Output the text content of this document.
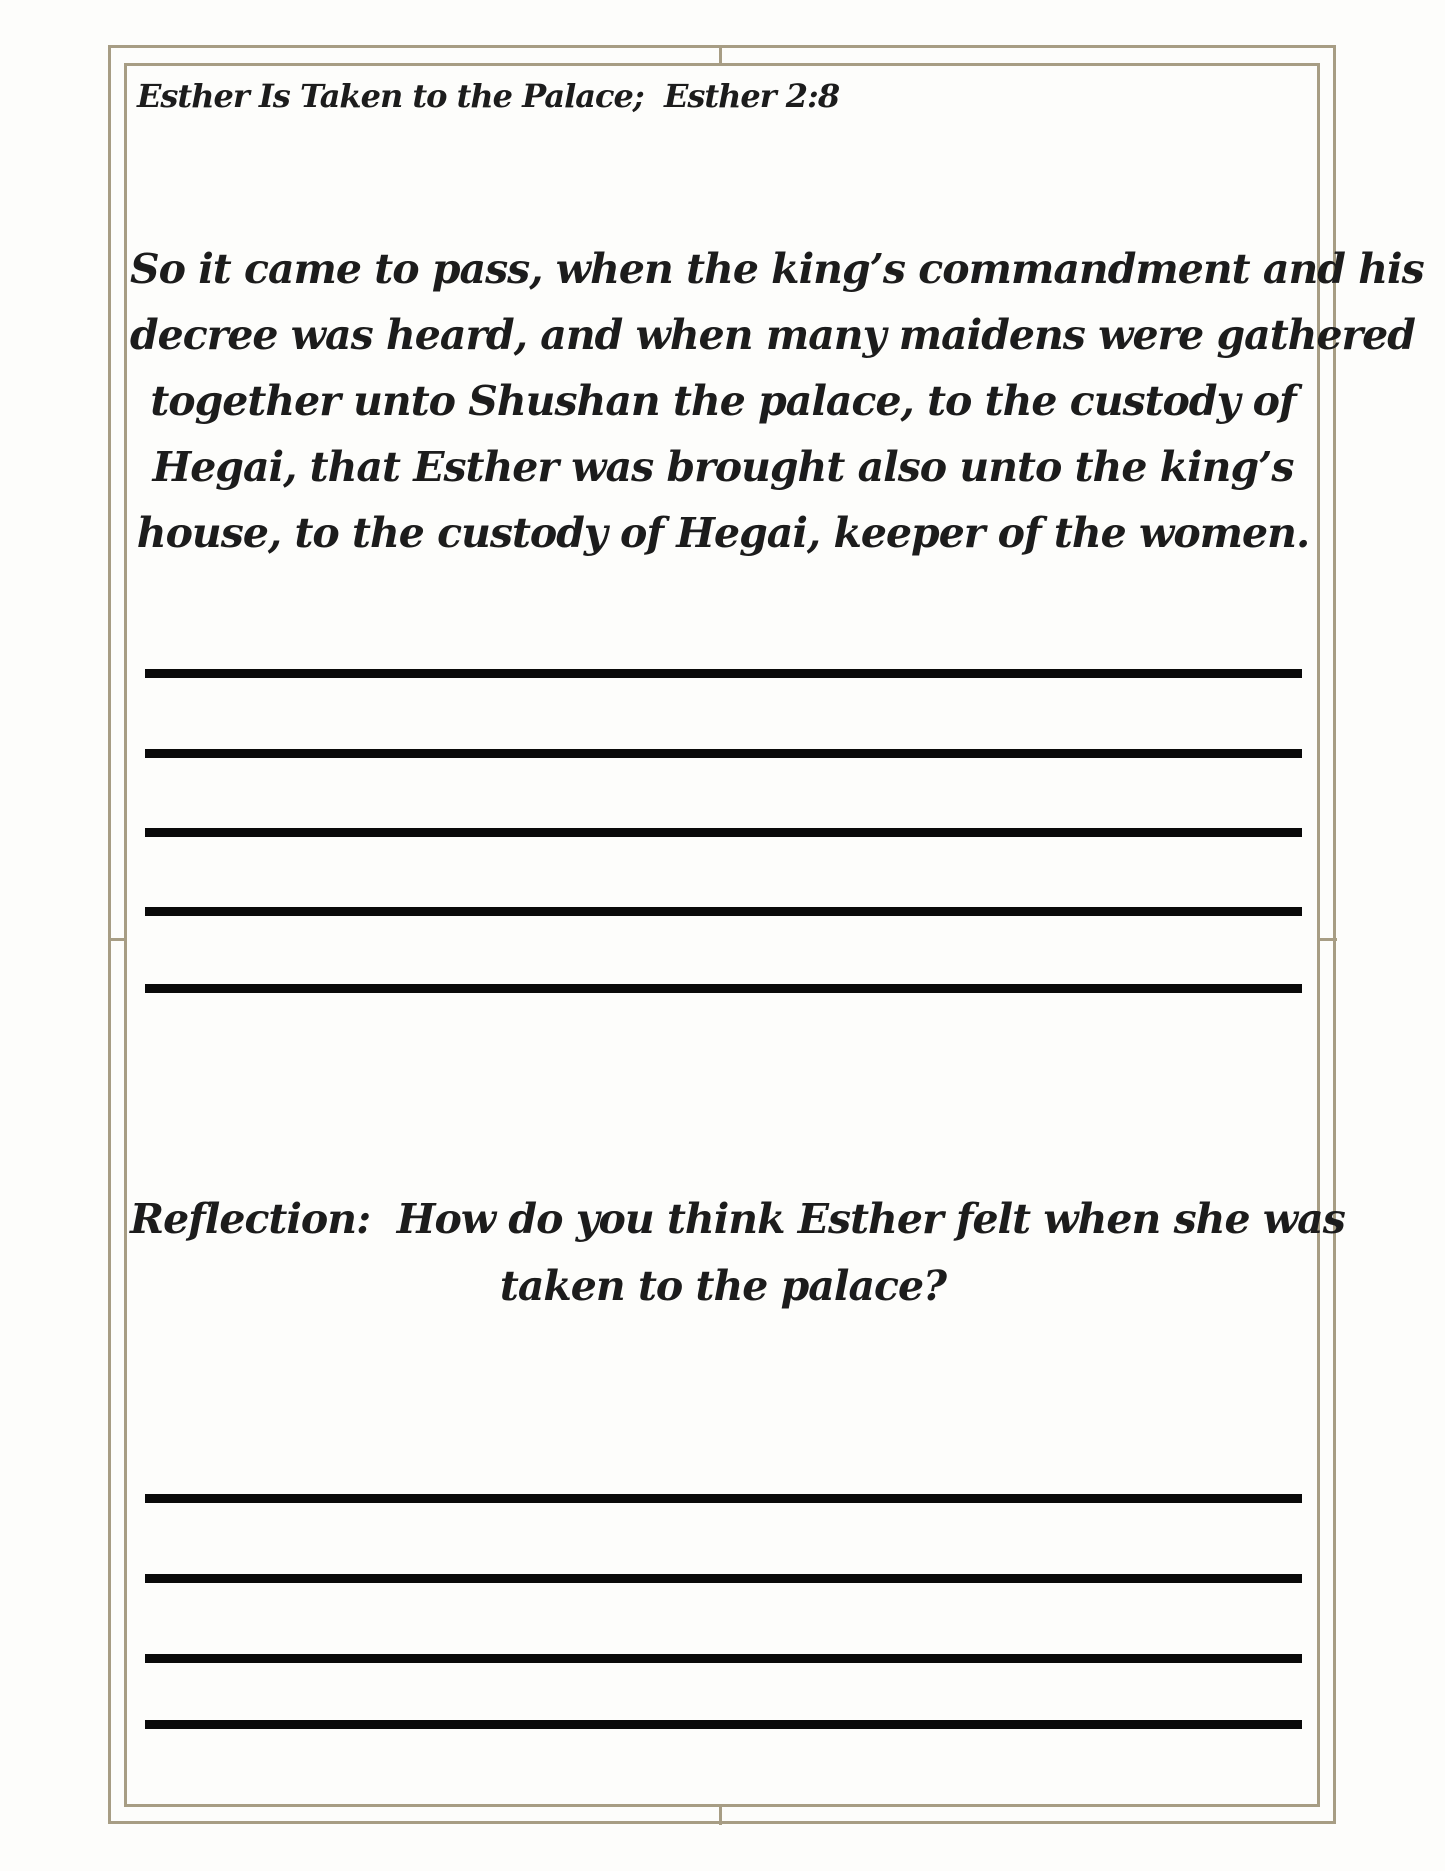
Esther Is Taken to the Palace;  Esther 2:8
So it came to pass, when the king’s commandment and his
decree was heard, and when many maidens were gathered
together unto Shushan the palace, to the custody of
Hegai, that Esther was brought also unto the king’s
house, to the custody of Hegai, keeper of the women.
Reflection:  How do you think Esther felt when she was
taken to the palace?
